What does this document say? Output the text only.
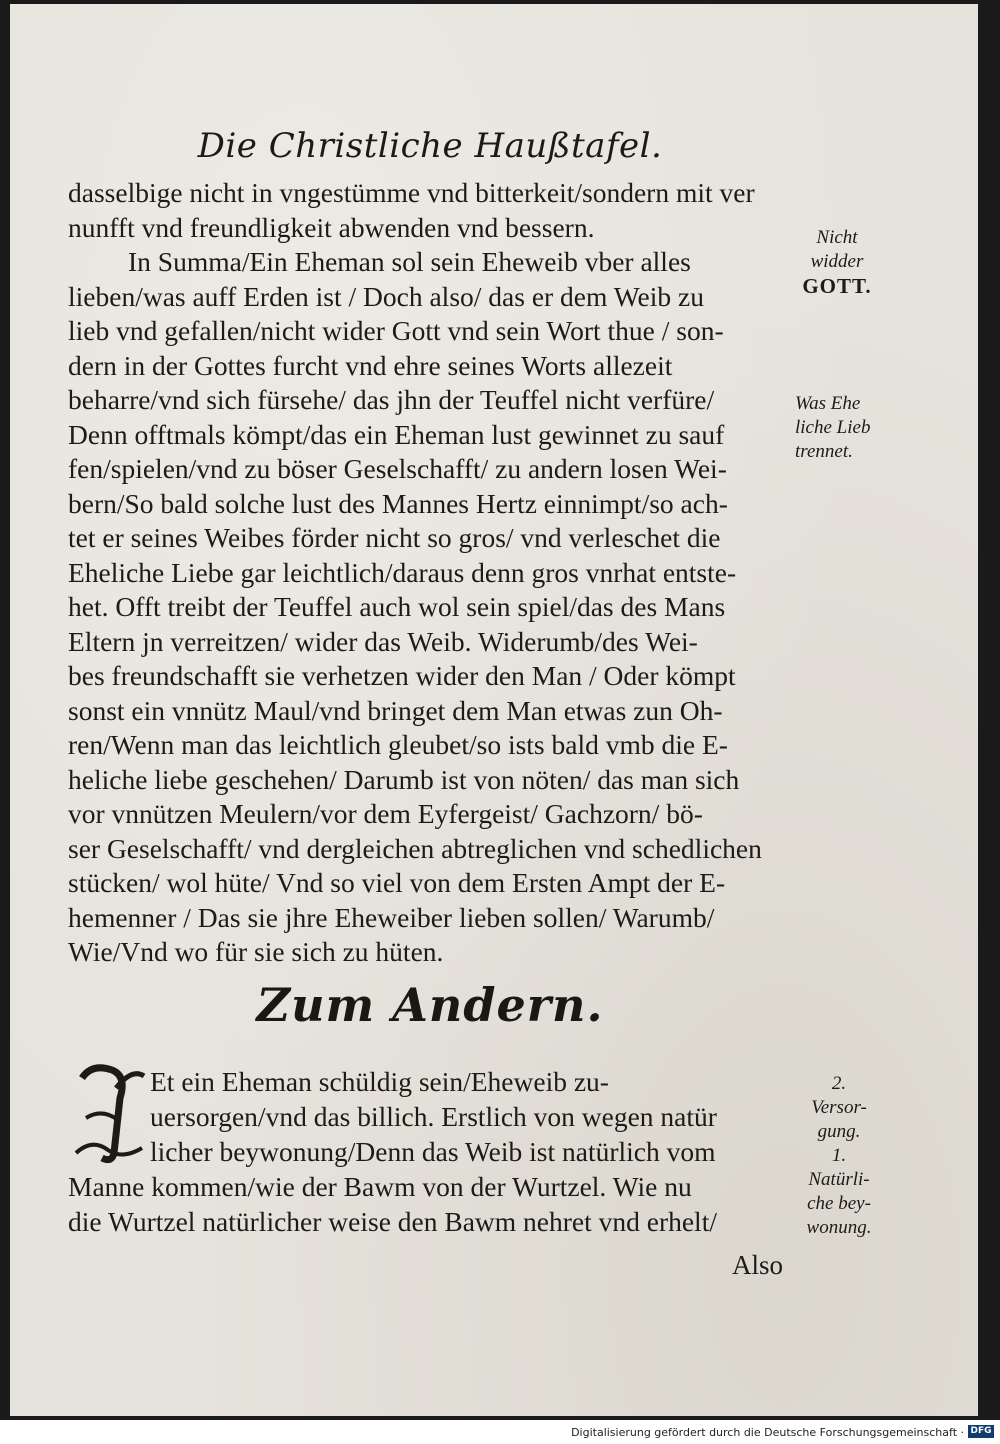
Die Christliche Haußtafel.
dasselbige nicht in vngestümme vnd bitterkeit/sondern mit ver
nunfft vnd freundligkeit abwenden vnd bessern.
In Summa/Ein Eheman sol sein Eheweib vber alles
lieben/was auff Erden ist / Doch also/ das er dem Weib zu
lieb vnd gefallen/nicht wider Gott vnd sein Wort thue / son-
dern in der Gottes furcht vnd ehre seines Worts allezeit
beharre/vnd sich fürsehe/ das jhn der Teuffel nicht verfüre/
Denn offtmals kömpt/das ein Eheman lust gewinnet zu sauf
fen/spielen/vnd zu böser Geselschafft/ zu andern losen Wei-
bern/So bald solche lust des Mannes Hertz einnimpt/so ach-
tet er seines Weibes förder nicht so gros/ vnd verleschet die
Eheliche Liebe gar leichtlich/daraus denn gros vnrhat entste-
het. Offt treibt der Teuffel auch wol sein spiel/das des Mans
Eltern jn verreitzen/ wider das Weib. Widerumb/des Wei-
bes freundschafft sie verhetzen wider den Man / Oder kömpt
sonst ein vnnütz Maul/vnd bringet dem Man etwas zun Oh-
ren/Wenn man das leichtlich gleubet/so ists bald vmb die E-
heliche liebe geschehen/ Darumb ist von nöten/ das man sich
vor vnnützen Meulern/vor dem Eyfergeist/ Gachzorn/ bö-
ser Geselschafft/ vnd dergleichen abtreglichen vnd schedlichen
stücken/ wol hüte/ Vnd so viel von dem Ersten Ampt der E-
hemenner / Das sie jhre Eheweiber lieben sollen/ Warumb/
Wie/Vnd wo für sie sich zu hüten.
Nicht
widder
GOTT.
Was Ehe
liche Lieb
trennet.
Zum Andern.
Et ein Eheman schüldig sein/Eheweib zu-
uersorgen/vnd das billich. Erstlich von wegen natür
licher beywonung/Denn das Weib ist natürlich vom
Manne kommen/wie der Bawm von der Wurtzel. Wie nu
die Wurtzel natürlicher weise den Bawm nehret vnd erhelt/
2.
Versor-
gung.
1.
Natürli-
che bey-
wonung.
Also
Digitalisierung gefördert durch die Deutsche Forschungsgemeinschaft · DFG
